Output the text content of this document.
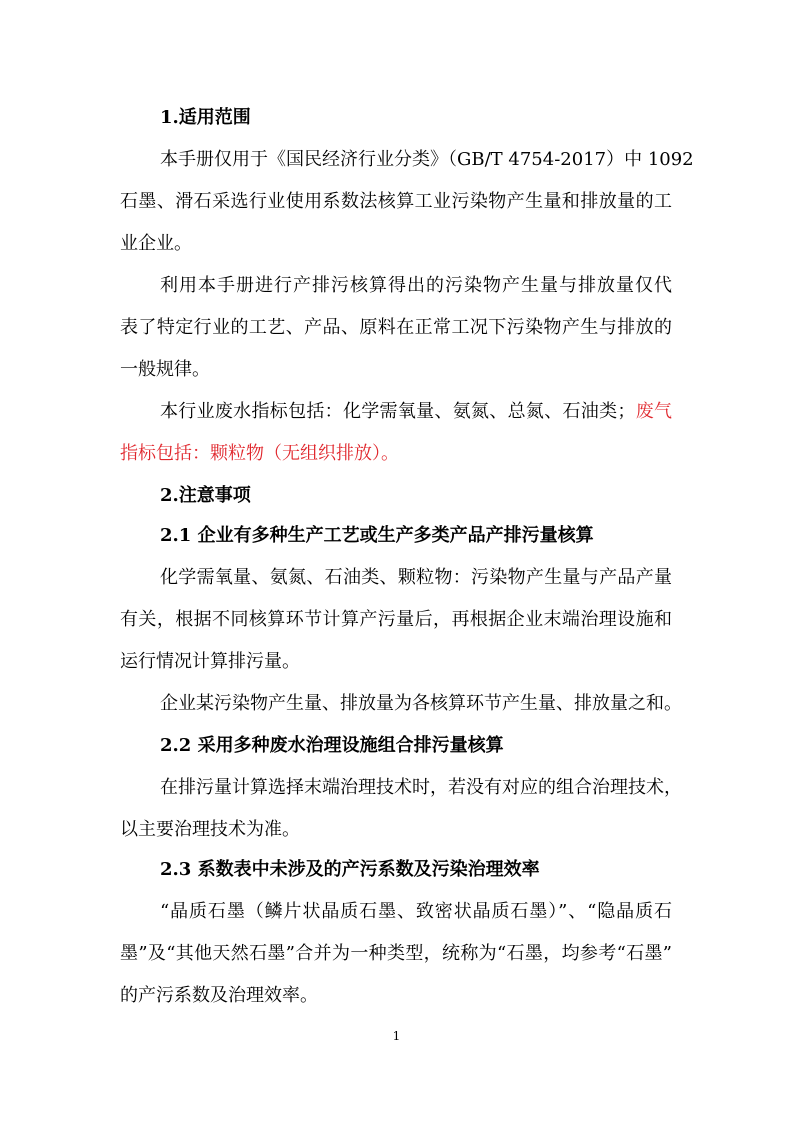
1.适用范围
本手册仅用于《国民经济行业分类》（GB/T 4754-2017）中 1092
石墨、滑石采选行业使用系数法核算工业污染物产生量和排放量的工
业企业。
利用本手册进行产排污核算得出的污染物产生量与排放量仅代
表了特定行业的工艺、产品、原料在正常工况下污染物产生与排放的
一般规律。
本行业废水指标包括：化学需氧量、氨氮、总氮、石油类；废气
指标包括：颗粒物（无组织排放）。
2.注意事项
2.1 企业有多种生产工艺或生产多类产品产排污量核算
化学需氧量、氨氮、石油类、颗粒物：污染物产生量与产品产量
有关，根据不同核算环节计算产污量后，再根据企业末端治理设施和
运行情况计算排污量。
企业某污染物产生量、排放量为各核算环节产生量、排放量之和。
2.2 采用多种废水治理设施组合排污量核算
在排污量计算选择末端治理技术时，若没有对应的组合治理技术，
以主要治理技术为准。
2.3 系数表中未涉及的产污系数及污染治理效率
“晶质石墨（鳞片状晶质石墨、致密状晶质石墨）”、“隐晶质石
墨”及“其他天然石墨”合并为一种类型，统称为“石墨，均参考“石墨”
的产污系数及治理效率。
1
